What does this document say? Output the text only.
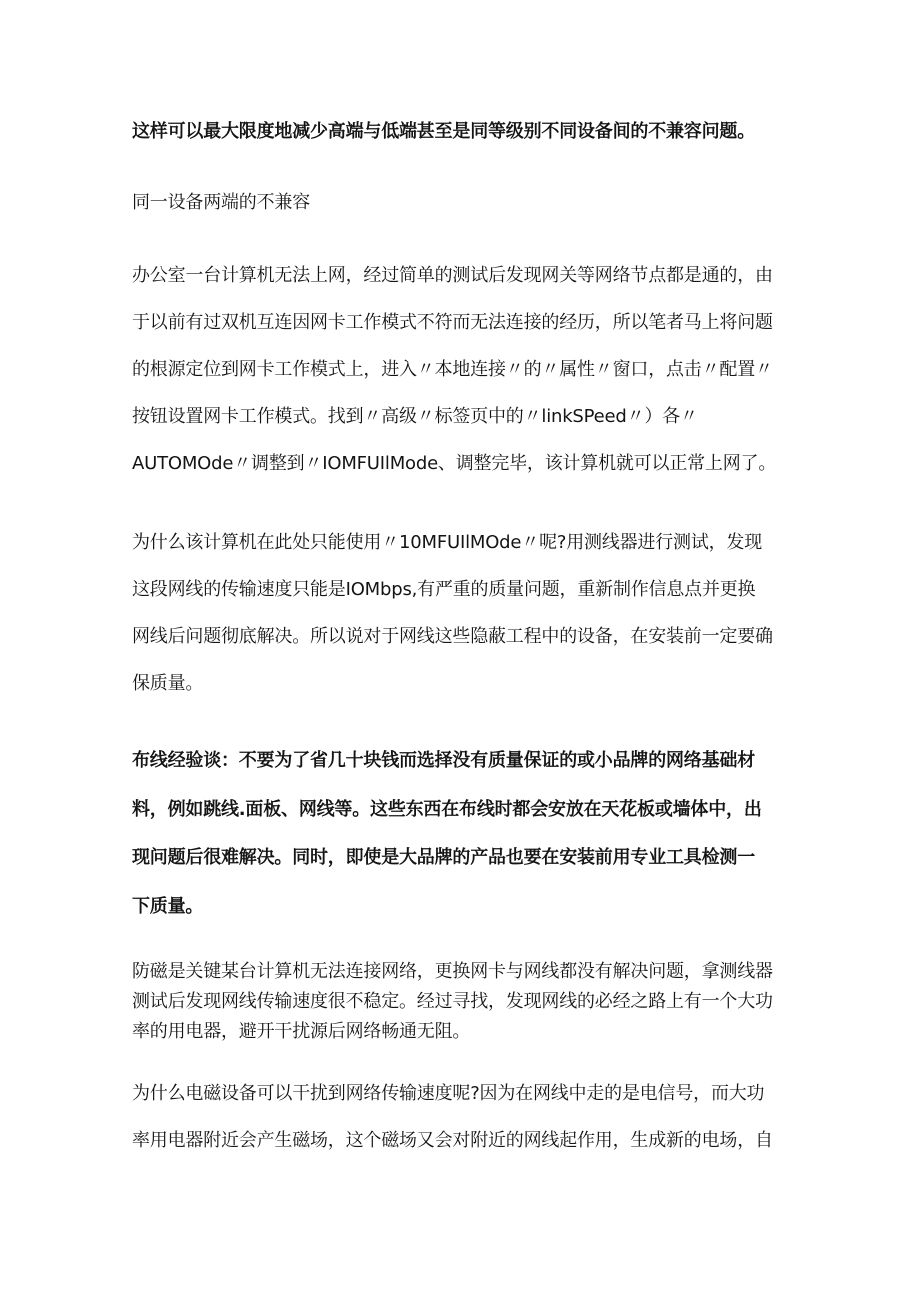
这样可以最大限度地减少高端与低端甚至是同等级别不同设备间的不兼容问题。

同一设备两端的不兼容

办公室一台计算机无法上网，经过简单的测试后发现网关等网络节点都是通的，由
于以前有过双机互连因网卡工作模式不符而无法连接的经历，所以笔者马上将问题
的根源定位到网卡工作模式上，进入〃本地连接〃的〃属性〃窗口，点击〃配置〃
按钮设置网卡工作模式。找到〃高级〃标签页中的〃linkSPeed〃）各〃
AUTOMOde〃调整到〃IOMFUIlMode、调整完毕，该计算机就可以正常上网了。

为什么该计算机在此处只能使用〃10MFUIlMOde〃呢?用测线器进行测试，发现
这段网线的传输速度只能是IOMbps,有严重的质量问题，重新制作信息点并更换
网线后问题彻底解决。所以说对于网线这些隐蔽工程中的设备，在安装前一定要确
保质量。

布线经验谈：不要为了省几十块钱而选择没有质量保证的或小品牌的网络基础材
料，例如跳线.面板、网线等。这些东西在布线时都会安放在天花板或墙体中，出
现问题后很难解决。同时，即使是大品牌的产品也要在安装前用专业工具检测一
下质量。

防磁是关键某台计算机无法连接网络，更换网卡与网线都没有解决问题，拿测线器
测试后发现网线传输速度很不稳定。经过寻找，发现网线的必经之路上有一个大功
率的用电器，避开干扰源后网络畅通无阻。

为什么电磁设备可以干扰到网络传输速度呢?因为在网线中走的是电信号，而大功
率用电器附近会产生磁场，这个磁场又会对附近的网线起作用，生成新的电场，自
